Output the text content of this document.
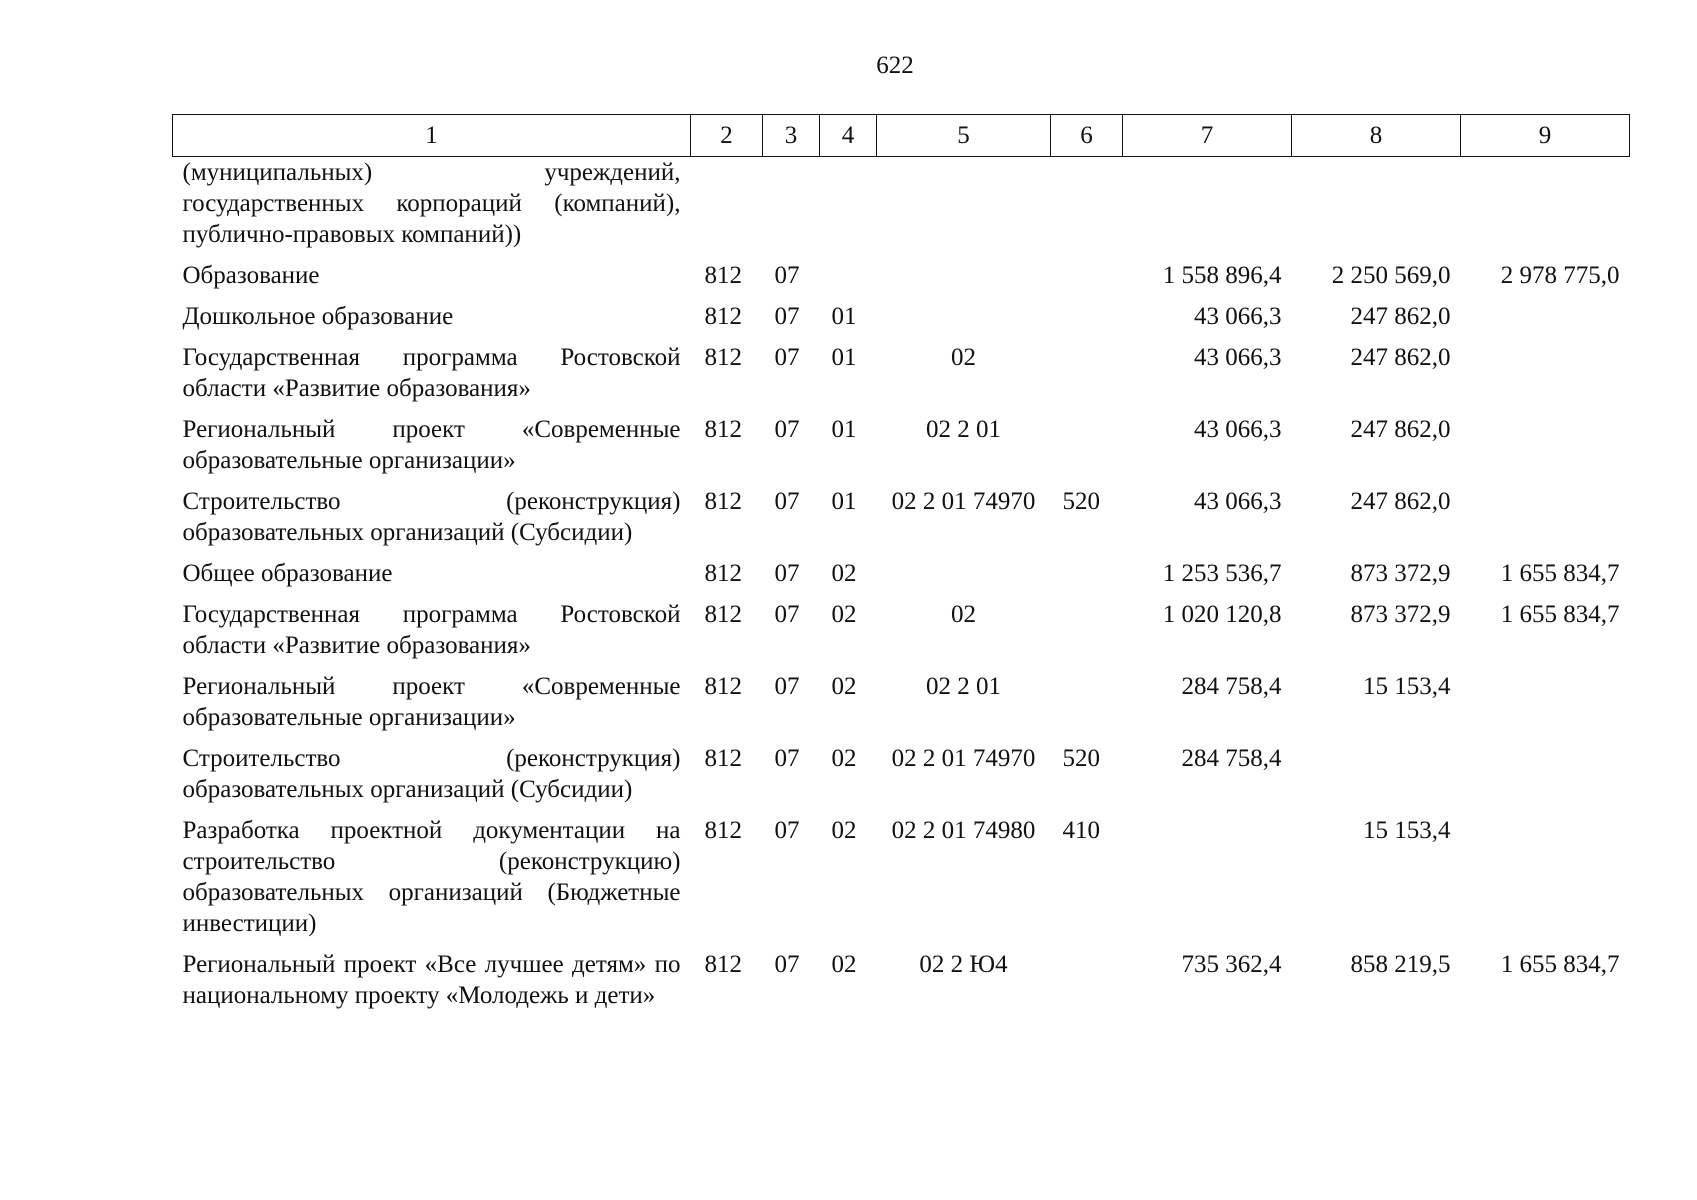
622
1	2	3	4	5	6	7	8	9
(муниципальных) учреждений, государственных корпораций (компаний), публично-правовых компаний))								
Образование	812	07				1 558 896,4	2 250 569,0	2 978 775,0
Дошкольное образование	812	07	01			43 066,3	247 862,0	
Государственная программа Ростовской области «Развитие образования»	812	07	01	02		43 066,3	247 862,0	
Региональный проект «Современные образовательные организации»	812	07	01	02 2 01		43 066,3	247 862,0	
Строительство (реконструкция) образовательных организаций (Субсидии)	812	07	01	02 2 01 74970	520	43 066,3	247 862,0	
Общее образование	812	07	02			1 253 536,7	873 372,9	1 655 834,7
Государственная программа Ростовской области «Развитие образования»	812	07	02	02		1 020 120,8	873 372,9	1 655 834,7
Региональный проект «Современные образовательные организации»	812	07	02	02 2 01		284 758,4	15 153,4	
Строительство (реконструкция) образовательных организаций (Субсидии)	812	07	02	02 2 01 74970	520	284 758,4		
Разработка проектной документации на строительство (реконструкцию) образовательных организаций (Бюджетные инвестиции)	812	07	02	02 2 01 74980	410		15 153,4	
Региональный проект «Все лучшее детям» по национальному проекту «Молодежь и дети»	812	07	02	02 2 Ю4		735 362,4	858 219,5	1 655 834,7
